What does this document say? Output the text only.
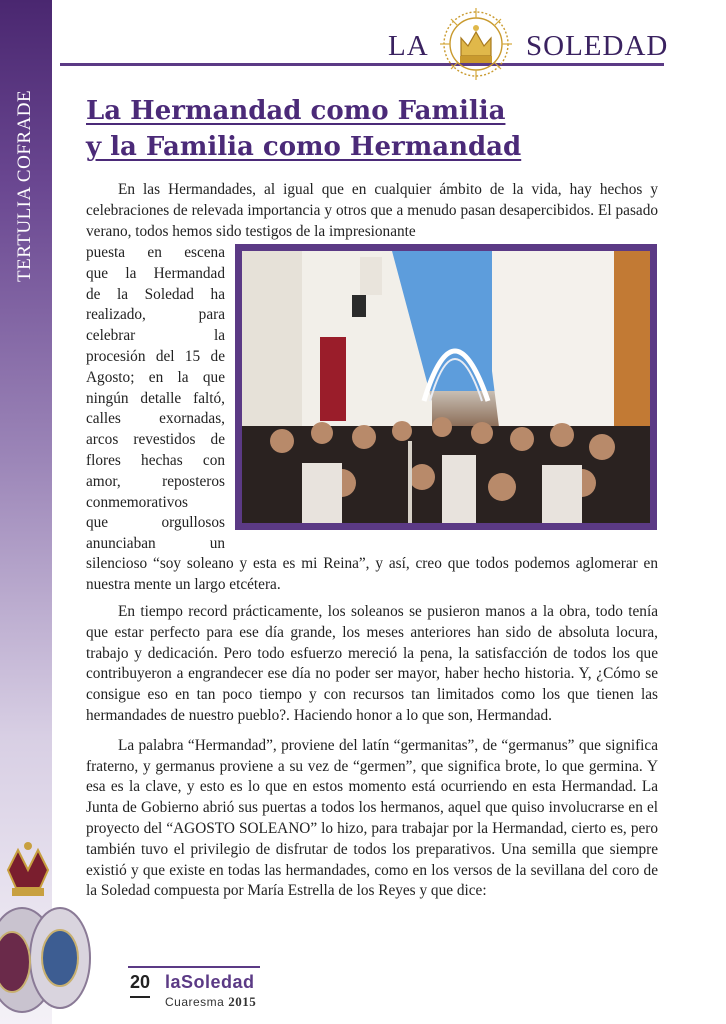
TERTULIA COFRADE
LA	SOLEDAD
La Hermandad como Familia
y la Familia como Hermandad

En las Hermandades, al igual que en cualquier ámbito de la vida, hay hechos y celebraciones de relevada importancia y otros que a menudo pasan desapercibidos. El pasado verano, todos hemos sido testigos de la impresionante

puesta en escena
que la Hermandad
de la Soledad ha
realizado, para
celebrar la
procesión del 15 de
Agosto; en la que
ningún detalle faltó,
calles exornadas,
arcos revestidos de
flores hechas con
amor, reposteros
conmemorativos
que orgullosos
anunciaban un

silencioso “soy soleano y esta es mi Reina”, y así, creo que todos podemos aglomerar en nuestra mente un largo etcétera.

En tiempo record prácticamente, los soleanos se pusieron manos a la obra, todo tenía que estar perfecto para ese día grande, los meses anteriores han sido de absoluta locura, trabajo y dedicación. Pero todo esfuerzo mereció la pena, la satisfacción de todos los que contribuyeron a engrandecer ese día no poder ser mayor, haber hecho historia. Y, ¿Cómo se consigue eso en tan poco tiempo y con recursos tan limitados como los que tienen las hermandades de nuestro pueblo?. Haciendo honor a lo que son, Hermandad.

La palabra “Hermandad”, proviene del latín “germanitas”, de “germanus” que significa fraterno, y germanus proviene a su vez de “germen”, que significa brote, lo que germina. Y esa es la clave, y esto es lo que en estos momento está ocurriendo en esta Hermandad. La Junta de Gobierno abrió sus puertas a todos los hermanos, aquel que quiso involucrarse en el proyecto del “AGOSTO SOLEANO” lo hizo, para trabajar por la Hermandad, cierto es, pero también tuvo el privilegio de disfrutar de todos los preparativos. Una semilla que siempre existió y que existe en todas las hermandades, como en los versos de la sevillana del coro de la Soledad compuesta por María Estrella de los Reyes y que dice:

20 laSoledad
Cuaresma 2015
